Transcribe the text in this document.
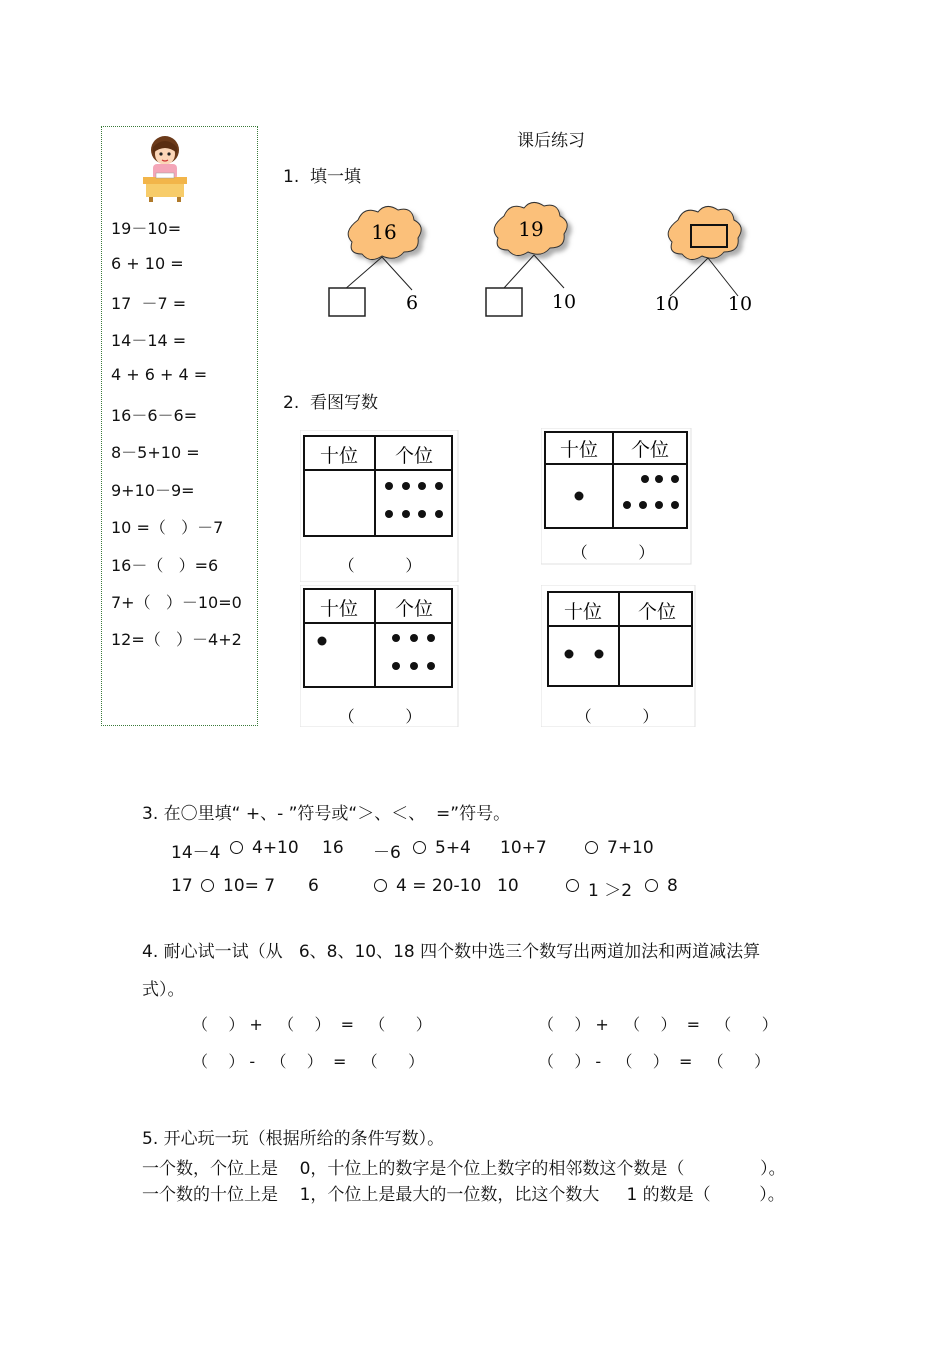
19－10=
6 + 10 =
17  －7 =
14－14 =
4 + 6 + 4 =
16－6－6=
8－5+10 =
9+10－9=
10 =（   ）－7
16－（   ）=6
7+（   ）－10=0
12=（   ）－4+2
课后练习
1.  填一填
16
6
19
10	10	10
2.  看图写数
十位 个位
（          ）
十位 个位
（          ）
十位 个位
（          ）
十位 个位
（          ）
3. 在〇里填“ +、- ”符号或“＞、＜、  =”符号。
14－4 4+10 16 －6 5+4 10+7	7+10
17 10= 7 6	4 = 20-10 10	1 ＞2 8
4. 耐心试一试（从   6、8、10、18 四个数中选三个数写出两道加法和两道减法算
式）。
（    ） +   （    ）  =   （      ）	（    ） +   （    ）  =   （      ）
（    ） -   （    ）  =   （      ）	（    ） -   （    ）  =   （      ）
5. 开心玩一玩（根据所给的条件写数）。
一个数，个位上是    0，十位上的数字是个位上数字的相邻数这个数是（              ）。
一个数的十位上是    1，个位上是最大的一位数，比这个数大     1 的数是（         ）。
